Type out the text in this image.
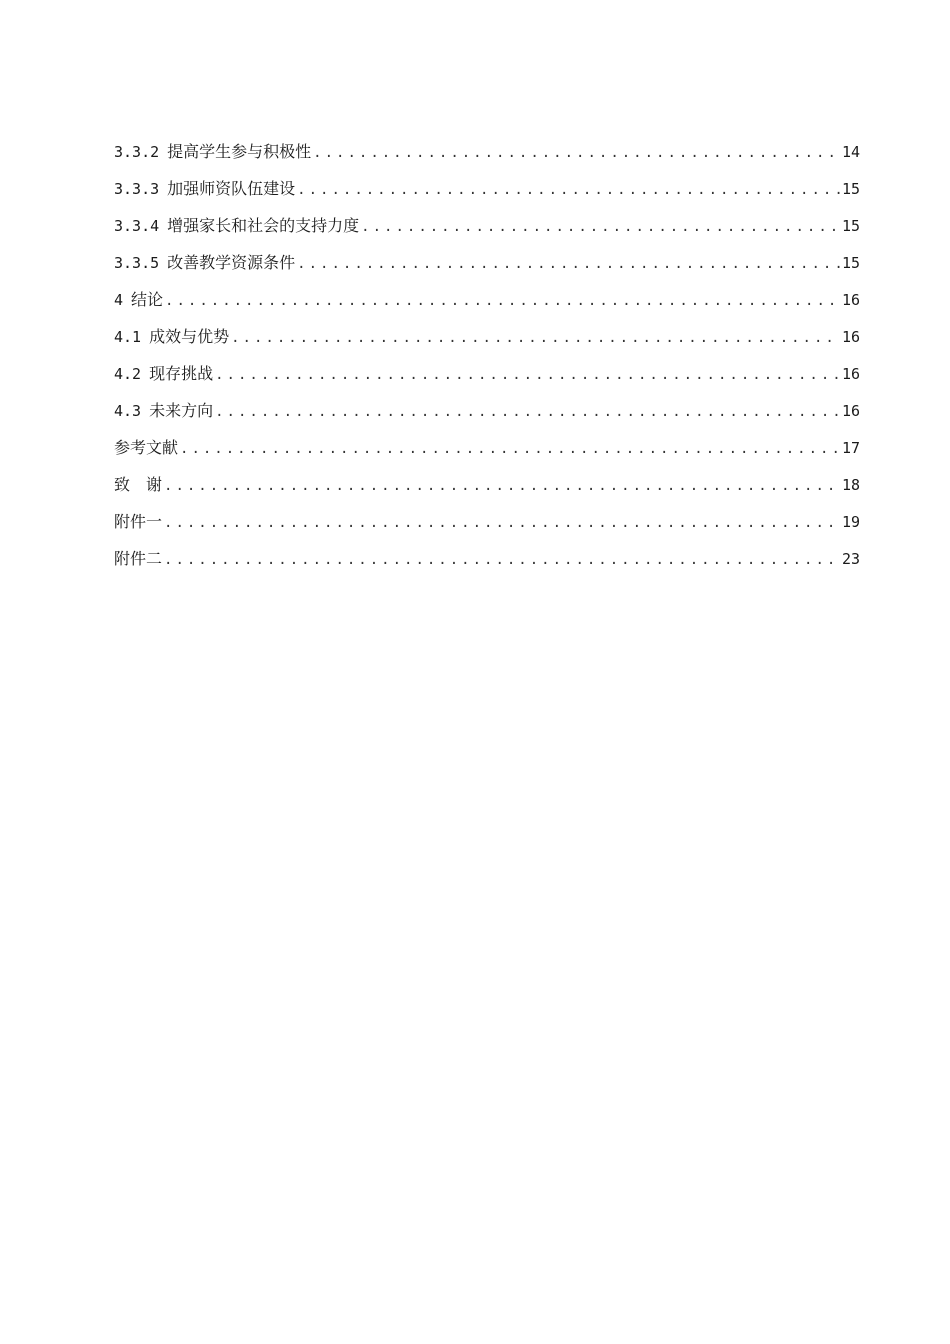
3.3.2 提高学生参与积极性 .....	14
3.3.3 加强师资队伍建设 .....	15
3.3.4 增强家长和社会的支持力度 .....	15
3.3.5 改善教学资源条件 .....	15
4 结论 .....	16
4.1 成效与优势 .....	16
4.2 现存挑战 .....	16
4.3 未来方向 .....	16
参考文献 .....	17
致　谢 .....	18
附件一 .....	19
附件二 .....	23
